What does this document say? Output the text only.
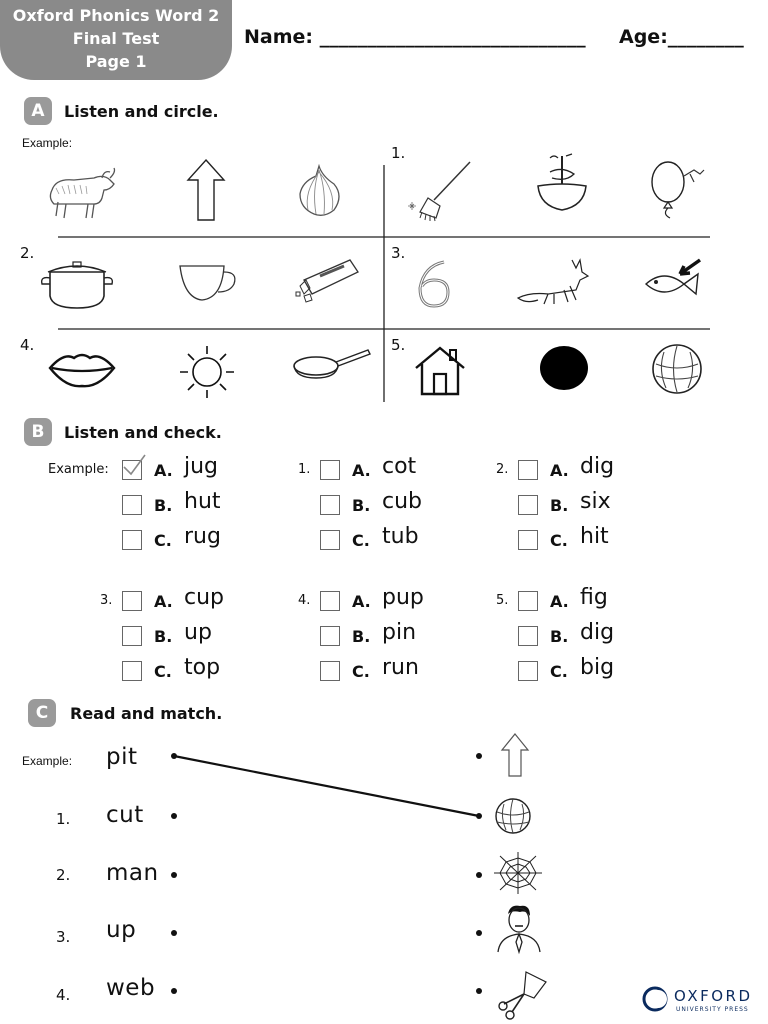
Oxford Phonics Word 2
Final Test
Page 1
Name: ____________________________ Age:________
A	Listen and circle.
Example:
1.
2.	3.
4.	5.
B	Listen and check.
Example:	A. jug
B. hut
C. rug
1.	A. cot
B. cub
C. tub
2.	A. dig
B. six
C. hit
3.	A. cup
B. up
C. top
4.	A. pup
B. pin
C. run
5.	A. fig
B. dig
C. big
C	Read and match.
Example:
1.
2.
3.
4.
pit
cut
man
up
web	OXFORD
UNIVERSITY PRESS
